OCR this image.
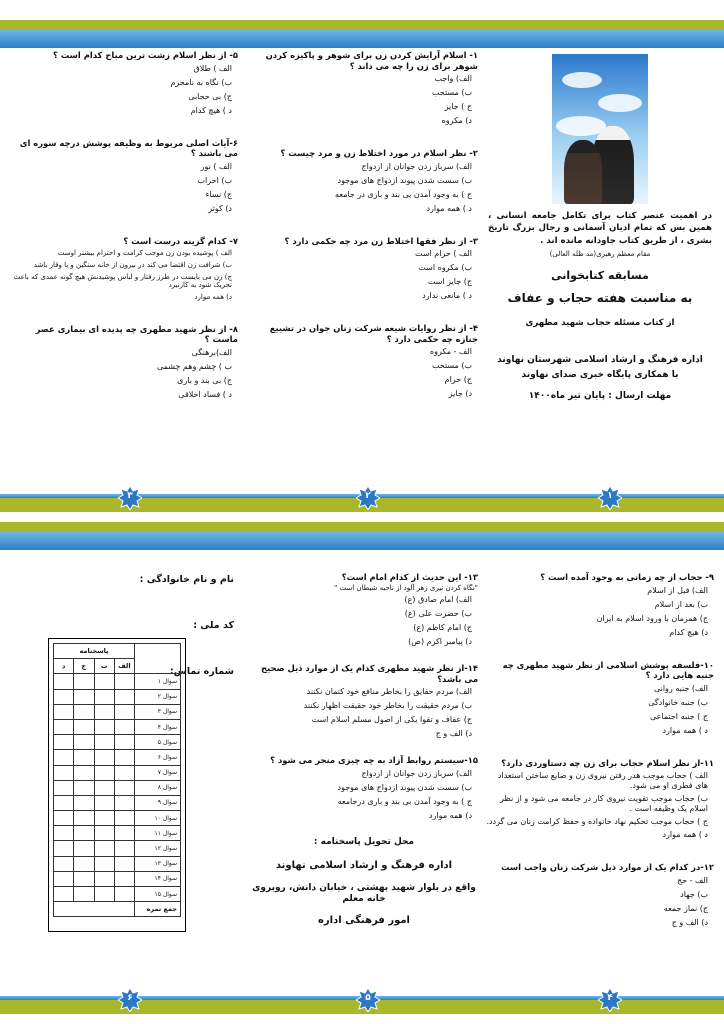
در اهمیت عنصر کتاب برای تکامل جامعه انسانی ، همین بس که تمام ادیان آسمانی و رجال بزرگ تاریخ بشری ، از طریق کتاب جاودانه مانده اند .
مقام معظم رهبری(مد ظله العالی)
مسابقه کتابخوانی
به مناسبت هفته حجاب و عفاف
از کتاب مسئله حجاب شهید مطهری
اداره فرهنگ و ارشاد اسلامی شهرستان نهاوند
با همکاری پایگاه خبری صدای نهاوند
مهلت ارسال : پایان تیر ماه۱۴۰۰
۱- اسلام آرایش کردن زن برای شوهر و پاکیزه کردن شوهر برای زن را چه می داند ؟
الف) واجب
ب) مستحب
ج ) جایز
د) مکروه
۲- نظر اسلام در مورد اختلاط زن و مرد چیست ؟
الف) سرباز زدن جوانان از ازدواج
ب) سست شدن پیوند ازدواج های موجود
ج ) به وجود آمدن بی بند و باری در جامعه
د ) همه موارد
۳- از نظر فقها اختلاط زن مرد چه حکمی دارد ؟
الف ) حرام است
ب) مکروه است
ج) جایز است
د ) مانعی ندارد
۴- از نظر روایات شیعه شرکت زنان جوان در تشییع جنازه چه حکمی دارد ؟
الف - مکروه
ب) مستحب
ج) حرام
د) جایز
۵- از نظر اسلام زشت ترین مباح کدام است ؟
الف ) طلاق
ب) نگاه به نامحرم
ج) بی حجابی
د ) هیچ کدام
۶-آیات اصلی مربوط به وظیفه پوشش درچه سوره ای می باشند ؟
الف ) نور
ب) احزاب
ج) نساء
د) کوثر
۷- کدام گزینه درست است ؟
الف ) پوشیده بودن زن موجب کرامت و احترام بیشتر اوست
ب) شرافت زن اقتضا می کند در بیرون از خانه سنگین و با وقار باشد
ج) زن می بایست در طرز رفتار و لباس پوشیدنش هیچ گونه عمدی که باعث تحریک شود به کارنبرد
د) همه موارد
۸- از نظر شهید مطهری چه پدیده ای بیماری عصر ماست ؟
الف)برهنگی
ب ) چشم وهم چشمی
ج) بی بند و باری
د ) فساد اخلاقی
۱
۲
۳
۹- حجاب از چه زمانی به وجود آمده است ؟
الف) قبل از اسلام
ب) بعد از اسلام
ج) همزمان با ورود اسلام به ایران
د) هیچ کدام
۱۰-فلسفه پوشش اسلامی از نظر شهید مطهری چه جنبه هایی دارد ؟
الف) جنبه روانی
ب) جنبه خانوادگی
ج ) جنبه اجتماعی
د ) همه موارد
۱۱-از نظر اسلام حجاب برای زن چه دستاوردی دارد؟
الف ) حجاب موجب هدر رفتن نیروی زن و ضایع ساختن استعداد های فطری او می شود.
ب) حجاب موجب تقویت نیروی کار در جامعه می شود و از نظر اسلام یک وظیفه است .
ج ) حجاب موجب تحکیم نهاد خانواده و حفظ کرامت زنان می گردد.
د ) همه موارد
۱۲-در کدام یک از موارد ذیل شرکت زنان واجب است
الف - حج
ب) جهاد
ج) نماز جمعه
د) الف و ج
۱۳- این حدیث از کدام امام است؟
"نگاه کردن تیری زهر آلود از ناحیه شیطان است "
الف) امام صادق (ع)
ب) حضرت علی (ع)
ج) امام کاظم (ع)
د) پیامبر اکرم (ص)
۱۴-از نظر شهید مطهری کدام یک از موارد ذیل صحیح می باشد؟
الف) مردم حقایق را بخاطر منافع خود کتمان نکنند
ب) مردم حقیقت را بخاطر خود حقیقت اظهار نکنند
ج) عفاف و تقوا یکی از اصول مسلم اسلام است
د) الف و ج
۱۵-سیستم روابط آزاد به چه چیزی منجر می شود ؟
الف) سرباز زدن جوانان از ازدواج
ب) سست شدن پیوند ازدواج های موجود
ج ) به وجود آمدن بی بند و باری درجامعه
د) همه موارد
محل تحویل پاسخنامه :
اداره فرهنگ و ارشاد اسلامی نهاوند
واقع در بلوار شهید بهشتی ، خیابان دانش، روبروی خانه معلم
امور فرهنگی اداره
نام و نام خانوادگی :
کد ملی :
شماره تماس:
پاسخنامه				
د	ج	ب	الف	
				سوال ۱
				سوال ۲
				سوال ۳
				سوال ۴
				سوال ۵
				سوال ۶
				سوال ۷
				سوال ۸
				سوال ۹
				سوال ۱۰
				سوال ۱۱
				سوال ۱۲
				سوال ۱۳
				سوال ۱۴
				سوال ۱۵
				جمع نمره
۴
۵
۶
